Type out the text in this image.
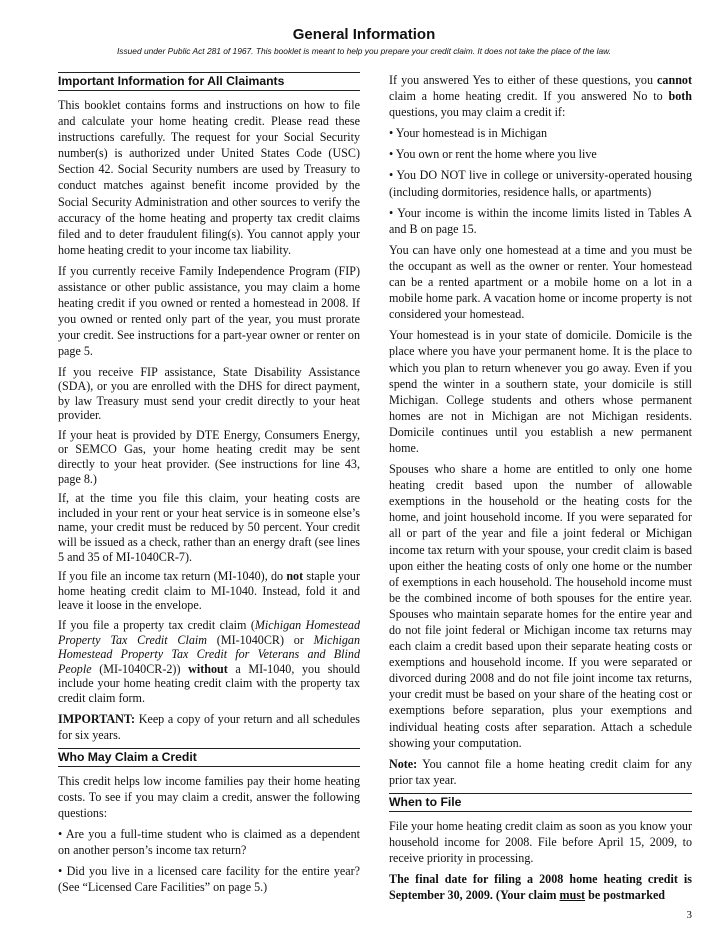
General Information
Issued under Public Act 281 of 1967. This booklet is meant to help you prepare your credit claim. It does not take the place of the law.
Important Information for All Claimants

This booklet contains forms and instructions on how to file and calculate your home heating credit. Please read these instructions carefully. The request for your Social Security number(s) is authorized under United States Code (USC) Section 42. Social Security numbers are used by Treasury to conduct matches against benefit income provided by the Social Security Administration and other sources to verify the accuracy of the home heating and property tax credit claims filed and to deter fraudulent filing(s). You cannot apply your home heating credit to your income tax liability.

If you currently receive Family Independence Program (FIP) assistance or other public assistance, you may claim a home heating credit if you owned or rented a homestead in 2008. If you owned or rented only part of the year, you must prorate your credit. See instructions for a part-year owner or renter on page 5.

If you receive FIP assistance, State Disability Assistance (SDA), or you are enrolled with the DHS for direct payment, by law Treasury must send your credit directly to your heat provider.

If your heat is provided by DTE Energy, Consumers Energy, or SEMCO Gas, your home heating credit may be sent directly to your heat provider. (See instructions for line 43, page 8.)

If, at the time you file this claim, your heating costs are included in your rent or your heat service is in someone else’s name, your credit must be reduced by 50 percent. Your credit will be issued as a check, rather than an energy draft (see lines 5 and 35 of MI-1040CR-7).

If you file an income tax return (MI-1040), do not staple your home heating credit claim to MI-1040. Instead, fold it and leave it loose in the envelope.

If you file a property tax credit claim (Michigan Homestead Property Tax Credit Claim (MI-1040CR) or Michigan Homestead Property Tax Credit for Veterans and Blind People (MI-1040CR-2)) without a MI-1040, you should include your home heating credit claim with the property tax credit claim form.

IMPORTANT: Keep a copy of your return and all schedules for six years.

Who May Claim a Credit

This credit helps low income families pay their home heating costs. To see if you may claim a credit, answer the following questions:

• Are you a full-time student who is claimed as a dependent on another person’s income tax return?

• Did you live in a licensed care facility for the entire year? (See “Licensed Care Facilities” on page 5.)

If you answered Yes to either of these questions, you cannot claim a home heating credit. If you answered No to both questions, you may claim a credit if:

• Your homestead is in Michigan

• You own or rent the home where you live

• You DO NOT live in college or university-operated housing (including dormitories, residence halls, or apartments)

• Your income is within the income limits listed in Tables A and B on page 15.

You can have only one homestead at a time and you must be the occupant as well as the owner or renter. Your homestead can be a rented apartment or a mobile home on a lot in a mobile home park. A vacation home or income property is not considered your homestead.

Your homestead is in your state of domicile. Domicile is the place where you have your permanent home. It is the place to which you plan to return whenever you go away. Even if you spend the winter in a southern state, your domicile is still Michigan. College students and others whose permanent homes are not in Michigan are not Michigan residents. Domicile continues until you establish a new permanent home.

Spouses who share a home are entitled to only one home heating credit based upon the number of allowable exemptions in the household or the heating costs for the home, and joint household income. If you were separated for all or part of the year and file a joint federal or Michigan income tax return with your spouse, your credit claim is based upon either the heating costs of only one home or the number of exemptions in each household. The household income must be the combined income of both spouses for the entire year. Spouses who maintain separate homes for the entire year and do not file joint federal or Michigan income tax returns may each claim a credit based upon their separate heating costs or exemptions and household income. If you were separated or divorced during 2008 and do not file joint income tax returns, your credit must be based on your share of the heating cost or exemptions before separation, plus your exemptions and individual heating costs after separation. Attach a schedule showing your computation.

Note: You cannot file a home heating credit claim for any prior tax year.

When to File

File your home heating credit claim as soon as you know your household income for 2008. File before April 15, 2009, to receive priority in processing.

The final date for filing a 2008 home heating credit is September 30, 2009. (Your claim must be postmarked

3
